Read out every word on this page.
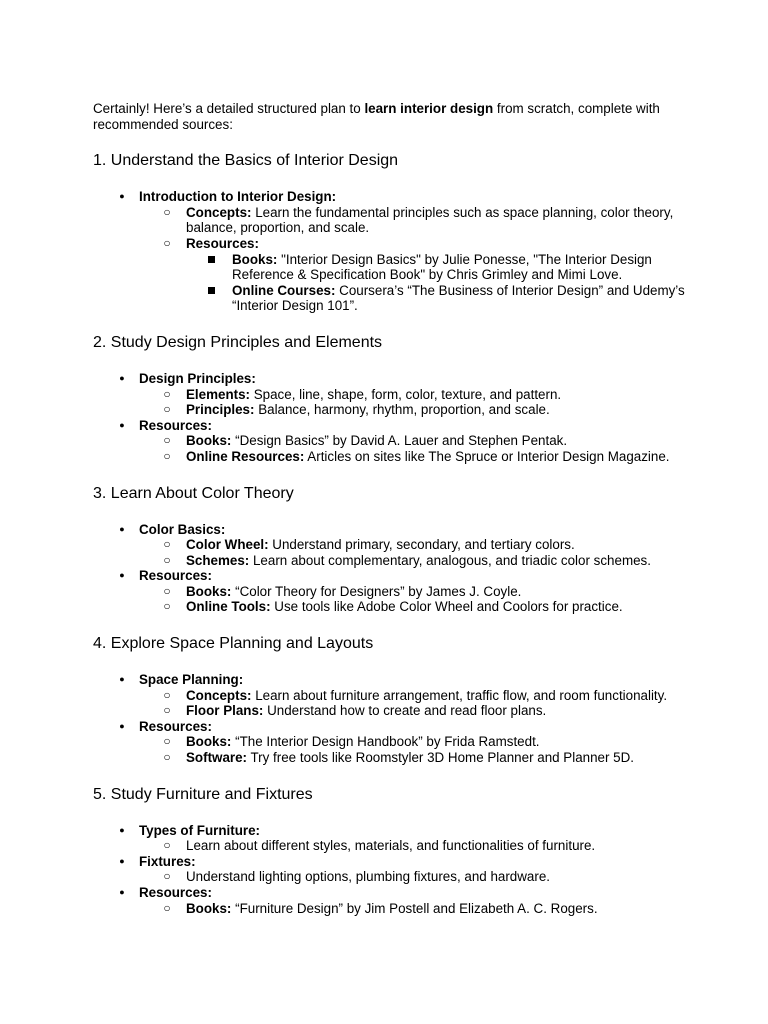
Certainly! Here’s a detailed structured plan to learn interior design from scratch, complete with recommended sources:

1. Understand the Basics of Interior Design
● Introduction to Interior Design:
○ Concepts: Learn the fundamental principles such as space planning, color theory, balance, proportion, and scale.
○ Resources:
Books: "Interior Design Basics" by Julie Ponesse, "The Interior Design Reference & Specification Book" by Chris Grimley and Mimi Love.
Online Courses: Coursera’s “The Business of Interior Design” and Udemy’s “Interior Design 101”.
2. Study Design Principles and Elements
● Design Principles:
○ Elements: Space, line, shape, form, color, texture, and pattern.
○ Principles: Balance, harmony, rhythm, proportion, and scale.
● Resources:
○ Books: “Design Basics” by David A. Lauer and Stephen Pentak.
○ Online Resources: Articles on sites like The Spruce or Interior Design Magazine.
3. Learn About Color Theory
● Color Basics:
○ Color Wheel: Understand primary, secondary, and tertiary colors.
○ Schemes: Learn about complementary, analogous, and triadic color schemes.
● Resources:
○ Books: “Color Theory for Designers” by James J. Coyle.
○ Online Tools: Use tools like Adobe Color Wheel and Coolors for practice.
4. Explore Space Planning and Layouts
● Space Planning:
○ Concepts: Learn about furniture arrangement, traffic flow, and room functionality.
○ Floor Plans: Understand how to create and read floor plans.
● Resources:
○ Books: “The Interior Design Handbook” by Frida Ramstedt.
○ Software: Try free tools like Roomstyler 3D Home Planner and Planner 5D.
5. Study Furniture and Fixtures
● Types of Furniture:
○ Learn about different styles, materials, and functionalities of furniture.
● Fixtures:
○ Understand lighting options, plumbing fixtures, and hardware.
● Resources:
○ Books: “Furniture Design” by Jim Postell and Elizabeth A. C. Rogers.
